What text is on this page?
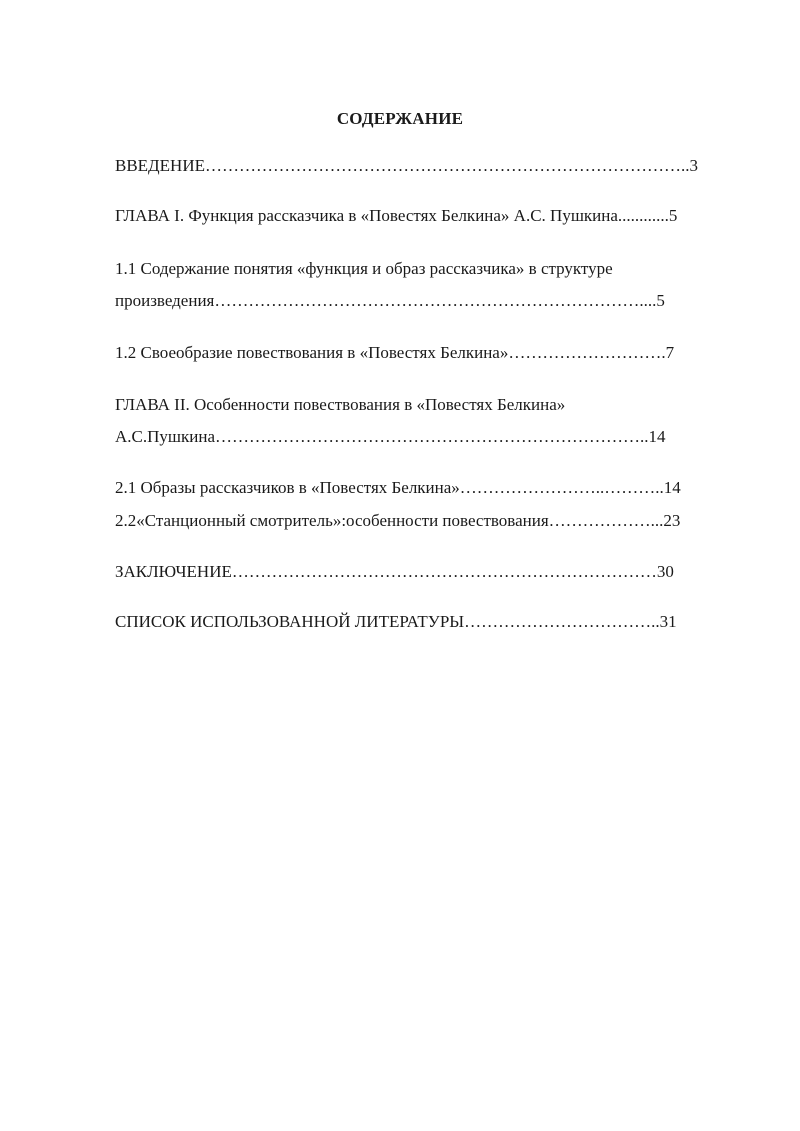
СОДЕРЖАНИЕ
ВВЕДЕНИЕ…………………………………………………………………………..3
ГЛАВА I. Функция рассказчика в «Повестях Белкина» А.С. Пушкина............5
1.1 Содержание понятия «функция и образ рассказчика» в структуре
произведения…………………………………………………………………....5
1.2 Своеобразие повествования в «Повестях Белкина»……………………….7
ГЛАВА II. Особенности повествования в «Повестях Белкина»
А.С.Пушкина…………………………………………………………………..14
2.1 Образы рассказчиков в «Повестях Белкина»……………………..………..14
2.2«Станционный смотритель»:особенности повествования………………...23
ЗАКЛЮЧЕНИЕ…………………………………………………………………30
СПИСОК ИСПОЛЬЗОВАННОЙ ЛИТЕРАТУРЫ……………………………..31
